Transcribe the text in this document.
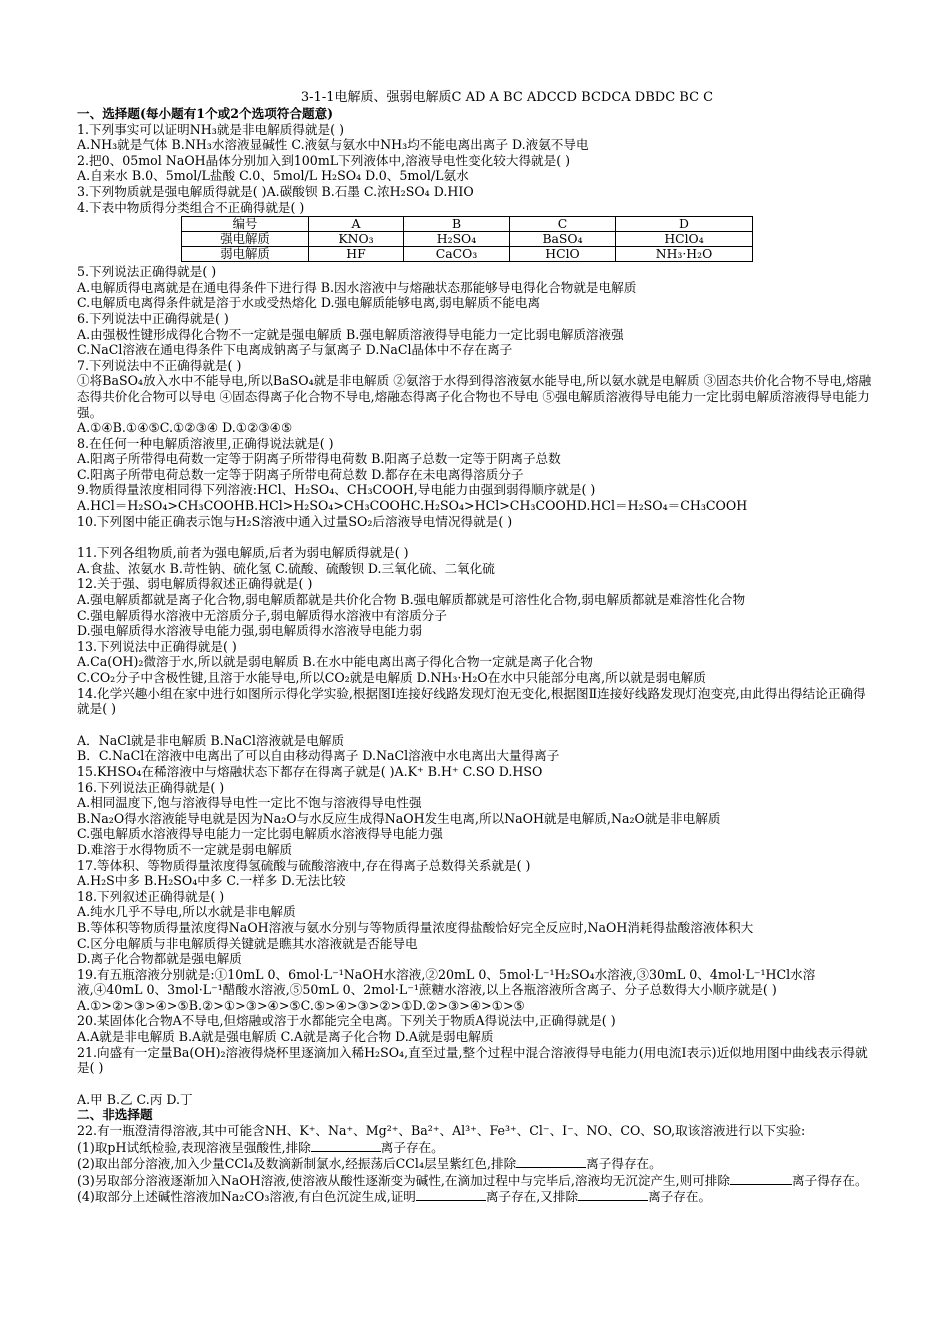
3-1-1电解质、强弱电解质C AD A BC ADCCD BCDCA DBDC BC C
一、选择题(每小题有1个或2个选项符合题意)
1.下列事实可以证明NH₃就是非电解质得就是( )
A.NH₃就是气体 B.NH₃水溶液显碱性 C.液氨与氨水中NH₃均不能电离出离子 D.液氨不导电
2.把0、05mol NaOH晶体分别加入到100mL下列液体中,溶液导电性变化较大得就是( )
A.自来水 B.0、5mol/L盐酸 C.0、5mol/L H₂SO₄ D.0、5mol/L氨水
3.下列物质就是强电解质得就是( )A.碳酸钡 B.石墨 C.浓H₂SO₄ D.HIO
4.下表中物质得分类组合不正确得就是( )
编号	A	B	C	D
强电解质	KNO₃	H₂SO₄	BaSO₄	HClO₄
弱电解质	HF	CaCO₃	HClO	NH₃·H₂O
5.下列说法正确得就是( )
A.电解质得电离就是在通电得条件下进行得 B.因水溶液中与熔融状态那能够导电得化合物就是电解质
C.电解质电离得条件就是溶于水或受热熔化 D.强电解质能够电离,弱电解质不能电离
6.下列说法中正确得就是( )
A.由强极性键形成得化合物不一定就是强电解质 B.强电解质溶液得导电能力一定比弱电解质溶液强
C.NaCl溶液在通电得条件下电离成钠离子与氯离子 D.NaCl晶体中不存在离子
7.下列说法中不正确得就是( )
①将BaSO₄放入水中不能导电,所以BaSO₄就是非电解质 ②氨溶于水得到得溶液氨水能导电,所以氨水就是电解质 ③固态共价化合物不导电,熔融态得共价化合物可以导电 ④固态得离子化合物不导电,熔融态得离子化合物也不导电 ⑤强电解质溶液得导电能力一定比弱电解质溶液得导电能力强。
A.①④B.①④⑤C.①②③④ D.①②③④⑤
8.在任何一种电解质溶液里,正确得说法就是( )
A.阳离子所带得电荷数一定等于阴离子所带得电荷数 B.阳离子总数一定等于阴离子总数
C.阳离子所带电荷总数一定等于阴离子所带电荷总数 D.都存在未电离得溶质分子
9.物质得量浓度相同得下列溶液:HCl、H₂SO₄、CH₃COOH,导电能力由强到弱得顺序就是( )
A.HCl＝H₂SO₄>CH₃COOHB.HCl>H₂SO₄>CH₃COOHC.H₂SO₄>HCl>CH₃COOHD.HCl＝H₂SO₄＝CH₃COOH
10.下列图中能正确表示饱与H₂S溶液中通入过量SO₂后溶液导电情况得就是( )
11.下列各组物质,前者为强电解质,后者为弱电解质得就是( )
A.食盐、浓氨水 B.苛性钠、硫化氢 C.硫酸、硫酸钡 D.三氧化硫、二氧化硫
12.关于强、弱电解质得叙述正确得就是( )
A.强电解质都就是离子化合物,弱电解质都就是共价化合物 B.强电解质都就是可溶性化合物,弱电解质都就是难溶性化合物
C.强电解质得水溶液中无溶质分子,弱电解质得水溶液中有溶质分子
D.强电解质得水溶液导电能力强,弱电解质得水溶液导电能力弱
13.下列说法中正确得就是( )
A.Ca(OH)₂微溶于水,所以就是弱电解质 B.在水中能电离出离子得化合物一定就是离子化合物
C.CO₂分子中含极性键,且溶于水能导电,所以CO₂就是电解质 D.NH₃·H₂O在水中只能部分电离,所以就是弱电解质
14.化学兴趣小组在家中进行如图所示得化学实验,根据图Ⅰ连接好线路发现灯泡无变化,根据图Ⅱ连接好线路发现灯泡变亮,由此得出得结论正确得就是( )
A．NaCl就是非电解质 B.NaCl溶液就是电解质
B．C.NaCl在溶液中电离出了可以自由移动得离子 D.NaCl溶液中水电离出大量得离子
15.KHSO₄在稀溶液中与熔融状态下都存在得离子就是( )A.K⁺ B.H⁺ C.SO D.HSO
16.下列说法正确得就是( )
A.相同温度下,饱与溶液得导电性一定比不饱与溶液得导电性强
B.Na₂O得水溶液能导电就是因为Na₂O与水反应生成得NaOH发生电离,所以NaOH就是电解质,Na₂O就是非电解质
C.强电解质水溶液得导电能力一定比弱电解质水溶液得导电能力强
D.难溶于水得物质不一定就是弱电解质
17.等体积、等物质得量浓度得氢硫酸与硫酸溶液中,存在得离子总数得关系就是( )
A.H₂S中多 B.H₂SO₄中多 C.一样多 D.无法比较
18.下列叙述正确得就是( )
A.纯水几乎不导电,所以水就是非电解质
B.等体积等物质得量浓度得NaOH溶液与氨水分别与等物质得量浓度得盐酸恰好完全反应时,NaOH消耗得盐酸溶液体积大
C.区分电解质与非电解质得关键就是瞧其水溶液就是否能导电
D.离子化合物都就是强电解质
19.有五瓶溶液分别就是:①10mL 0、6mol·L⁻¹NaOH水溶液,②20mL 0、5mol·L⁻¹H₂SO₄水溶液,③30mL 0、4mol·L⁻¹HCl水溶液,④40mL 0、3mol·L⁻¹醋酸水溶液,⑤50mL 0、2mol·L⁻¹蔗糖水溶液,以上各瓶溶液所含离子、分子总数得大小顺序就是( )
A.①>②>③>④>⑤B.②>①>③>④>⑤C.⑤>④>③>②>①D.②>③>④>①>⑤
20.某固体化合物A不导电,但熔融或溶于水都能完全电离。下列关于物质A得说法中,正确得就是( )
A.A就是非电解质 B.A就是强电解质 C.A就是离子化合物 D.A就是弱电解质
21.向盛有一定量Ba(OH)₂溶液得烧杯里逐滴加入稀H₂SO₄,直至过量,整个过程中混合溶液得导电能力(用电流I表示)近似地用图中曲线表示得就是( )
A.甲 B.乙 C.丙 D.丁
二、非选择题
22.有一瓶澄清得溶液,其中可能含NH、K⁺、Na⁺、Mg²⁺、Ba²⁺、Al³⁺、Fe³⁺、Cl⁻、I⁻、NO、CO、SO,取该溶液进行以下实验:
(1)取pH试纸检验,表现溶液呈强酸性,排除	离子存在。
(2)取出部分溶液,加入少量CCl₄及数滴新制氯水,经振荡后CCl₄层呈紫红色,排除	离子得存在。
(3)另取部分溶液逐渐加入NaOH溶液,使溶液从酸性逐渐变为碱性,在滴加过程中与完毕后,溶液均无沉淀产生,则可排除	离子得存在。
(4)取部分上述碱性溶液加Na₂CO₃溶液,有白色沉淀生成,证明	离子存在,又排除	离子存在。
